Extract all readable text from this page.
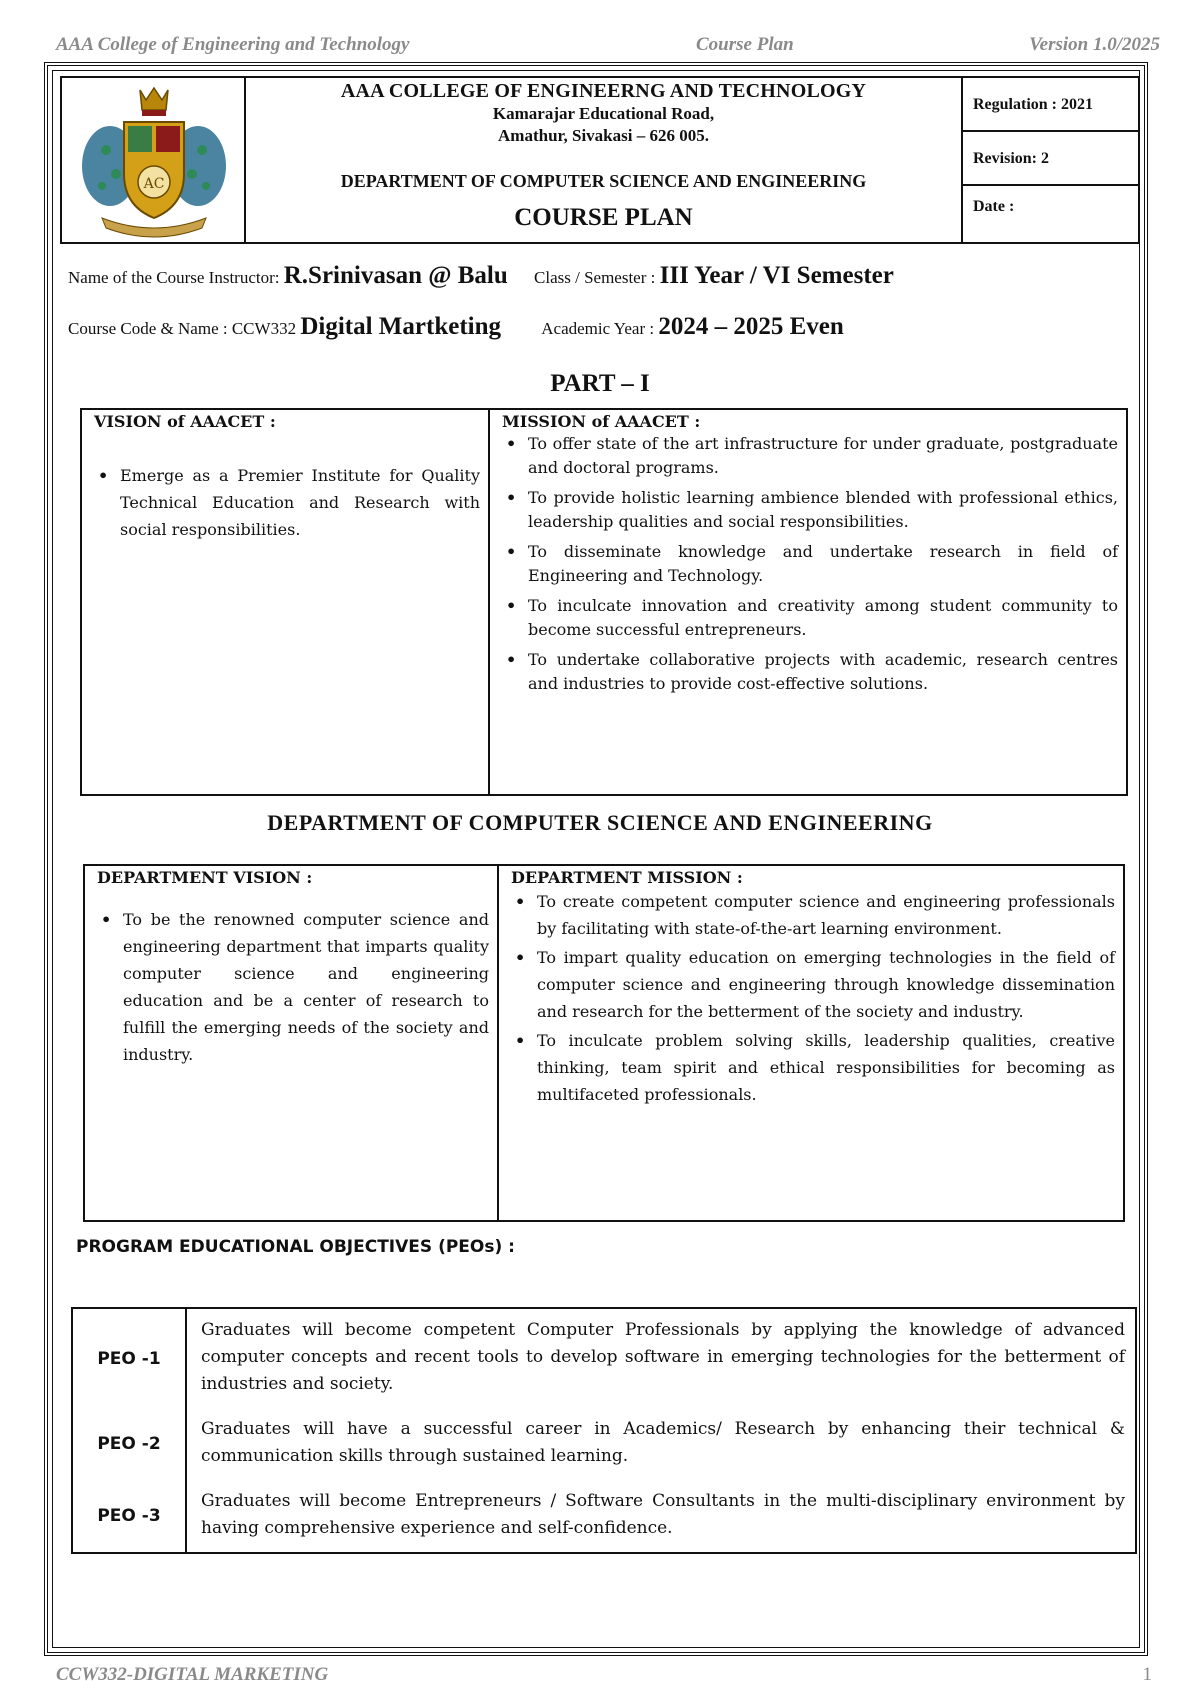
AAA College of Engineering and Technology	Course Plan	Version 1.0/2025
AC
AAA COLLEGE OF ENGINEERNG AND TECHNOLOGY
Kamarajar Educational Road,
Amathur, Sivakasi – 626 005.
DEPARTMENT OF COMPUTER SCIENCE AND ENGINEERING
COURSE PLAN
Regulation : 2021
Revision: 2
Date :
Name of the Course Instructor: R.Srinivasan @ Balu Class / Semester : III Year / VI Semester
Course Code & Name : CCW332 Digital Martketing Academic Year : 2024 – 2025 Even
PART – I
VISION of AAACET :
• Emerge as a Premier Institute for Quality Technical Education and Research with social responsibilities.

MISSION of AAACET :
• To offer state of the art infrastructure for under graduate, postgraduate and doctoral programs.
• To provide holistic learning ambience blended with professional ethics, leadership qualities and social responsibilities.
• To disseminate knowledge and undertake research in field of Engineering and Technology.
• To inculcate innovation and creativity among student community to become successful entrepreneurs.
• To undertake collaborative projects with academic, research centres and industries to provide cost-effective solutions.
DEPARTMENT OF COMPUTER SCIENCE AND ENGINEERING
DEPARTMENT VISION :
• To be the renowned computer science and engineering department that imparts quality computer science and engineering education and be a center of research to fulfill the emerging needs of the society and industry.

DEPARTMENT MISSION :
• To create competent computer science and engineering professionals by facilitating with state-of-the-art learning environment.
• To impart quality education on emerging technologies in the field of computer science and engineering through knowledge dissemination and research for the betterment of the society and industry.
• To inculcate problem solving skills, leadership qualities, creative thinking, team spirit and ethical responsibilities for becoming as multifaceted professionals.
PROGRAM EDUCATIONAL OBJECTIVES (PEOs) :
PEO -1	Graduates will become competent Computer Professionals by applying the knowledge of advanced computer concepts and recent tools to develop software in emerging technologies for the betterment of industries and society.
PEO -2	Graduates will have a successful career in Academics/ Research by enhancing their technical & communication skills through sustained learning.
PEO -3	Graduates will become Entrepreneurs / Software Consultants in the multi-disciplinary environment by having comprehensive experience and self-confidence.
CCW332-DIGITAL MARKETING	1
